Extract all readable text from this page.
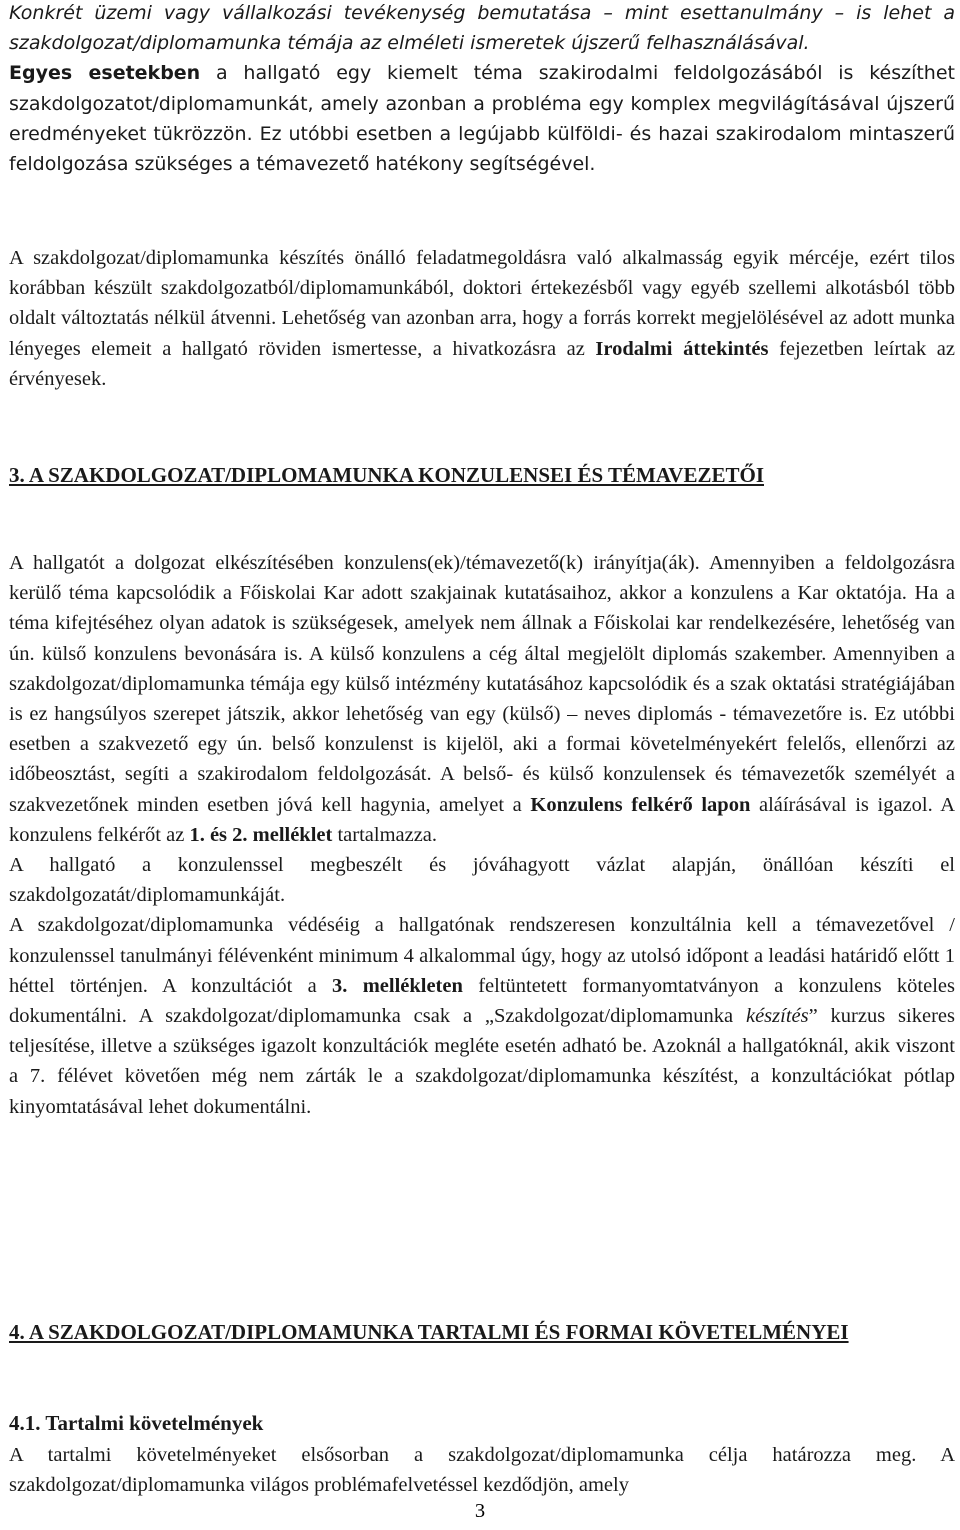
Konkrét üzemi vagy vállalkozási tevékenység bemutatása – mint esettanulmány – is lehet a szakdolgozat/diplomamunka témája az elméleti ismeretek újszerű felhasználásával.

Egyes esetekben a hallgató egy kiemelt téma szakirodalmi feldolgozásából is készíthet szakdolgozatot/diplomamunkát, amely azonban a probléma egy komplex megvilágításával újszerű eredményeket tükrözzön. Ez utóbbi esetben a legújabb külföldi- és hazai szakirodalom mintaszerű feldolgozása szükséges a témavezető hatékony segítségével.

A szakdolgozat/diplomamunka készítés önálló feladatmegoldásra való alkalmasság egyik mércéje, ezért tilos korábban készült szakdolgozatból/diplomamunkából, doktori értekezésből vagy egyéb szellemi alkotásból több oldalt változtatás nélkül átvenni. Lehetőség van azonban arra, hogy a forrás korrekt megjelölésével az adott munka lényeges elemeit a hallgató röviden ismertesse, a hivatkozásra az Irodalmi áttekintés fejezetben leírtak az érvényesek.

3. A SZAKDOLGOZAT/DIPLOMAMUNKA KONZULENSEI ÉS TÉMAVEZETŐI

A hallgatót a dolgozat elkészítésében konzulens(ek)/témavezető(k) irányítja(ák). Amennyiben a feldolgozásra kerülő téma kapcsolódik a Főiskolai Kar adott szakjainak kutatásaihoz, akkor a konzulens a Kar oktatója. Ha a téma kifejtéséhez olyan adatok is szükségesek, amelyek nem állnak a Főiskolai kar rendelkezésére, lehetőség van ún. külső konzulens bevonására is. A külső konzulens a cég által megjelölt diplomás szakember. Amennyiben a szakdolgozat/diplomamunka témája egy külső intézmény kutatásához kapcsolódik és a szak oktatási stratégiájában is ez hangsúlyos szerepet játszik, akkor lehetőség van egy (külső) – neves diplomás - témavezetőre is. Ez utóbbi esetben a szakvezető egy ún. belső konzulenst is kijelöl, aki a formai követelményekért felelős, ellenőrzi az időbeosztást, segíti a szakirodalom feldolgozását. A belső- és külső konzulensek és témavezetők személyét a szakvezetőnek minden esetben jóvá kell hagynia, amelyet a Konzulens felkérő lapon aláírásával is igazol. A konzulens felkérőt az 1. és 2. melléklet tartalmazza.

A hallgató a konzulenssel megbeszélt és jóváhagyott vázlat alapján, önállóan készíti el szakdolgozatát/diplomamunkáját.

A szakdolgozat/diplomamunka védéséig a hallgatónak rendszeresen konzultálnia kell a témavezetővel / konzulenssel tanulmányi félévenként minimum 4 alkalommal úgy, hogy az utolsó időpont a leadási határidő előtt 1 héttel történjen. A konzultációt a 3. mellékleten feltüntetett formanyomtatványon a konzulens köteles dokumentálni. A szakdolgozat/diplomamunka csak a „Szakdolgozat/diplomamunka készítés” kurzus sikeres teljesítése, illetve a szükséges igazolt konzultációk megléte esetén adható be. Azoknál a hallgatóknál, akik viszont a 7. félévet követően még nem zárták le a szakdolgozat/diplomamunka készítést, a konzultációkat pótlap kinyomtatásával lehet dokumentálni.

4. A SZAKDOLGOZAT/DIPLOMAMUNKA TARTALMI ÉS FORMAI KÖVETELMÉNYEI
4.1. Tartalmi követelmények

A tartalmi követelményeket elsősorban a szakdolgozat/diplomamunka célja határozza meg. A szakdolgozat/diplomamunka világos problémafelvetéssel kezdődjön, amely

3
